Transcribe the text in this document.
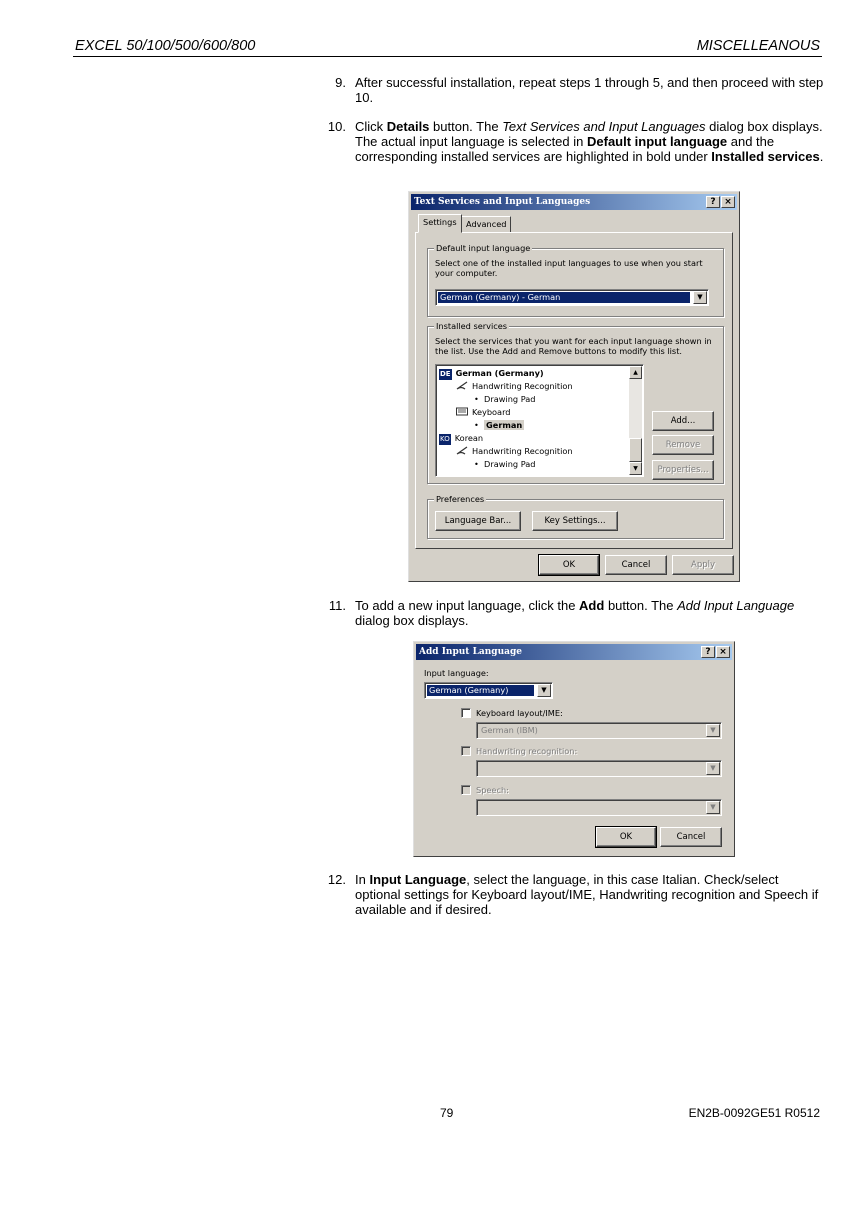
EXCEL 50/100/500/600/800	MISCELLEANOUS
9. After successful installation, repeat steps 1 through 5, and then proceed with step 10.
10. Click Details button. The Text Services and Input Languages dialog box displays. The actual input language is selected in Default input language and the corresponding installed services are highlighted in bold under Installed services.
Text Services and Input Languages	? ×
Settings	Advanced
Default input language
Select one of the installed input languages to use when you start your computer.
German (Germany) - German	▼
Installed services
Select the services that you want for each input language shown in the list. Use the Add and Remove buttons to modify this list.
DE German (Germany)
Handwriting Recognition
•  Drawing Pad
Keyboard
•  German
KO Korean
Handwriting Recognition
•  Drawing Pad
▲
▼
Add...
Remove
Properties...
Preferences
Language Bar...	Key Settings...
OK	Cancel	Apply
11. To add a new input language, click the Add button. The Add Input Language dialog box displays.
Add Input Language	? ×
Input language:
German (Germany)	▼
Keyboard layout/IME:
German (IBM)	▼
Handwriting recognition:
▼
Speech:
▼
OK	Cancel
12. In Input Language, select the language, in this case Italian. Check/select optional settings for Keyboard layout/IME, Handwriting recognition and Speech if available and if desired.
79	EN2B-0092GE51 R0512
